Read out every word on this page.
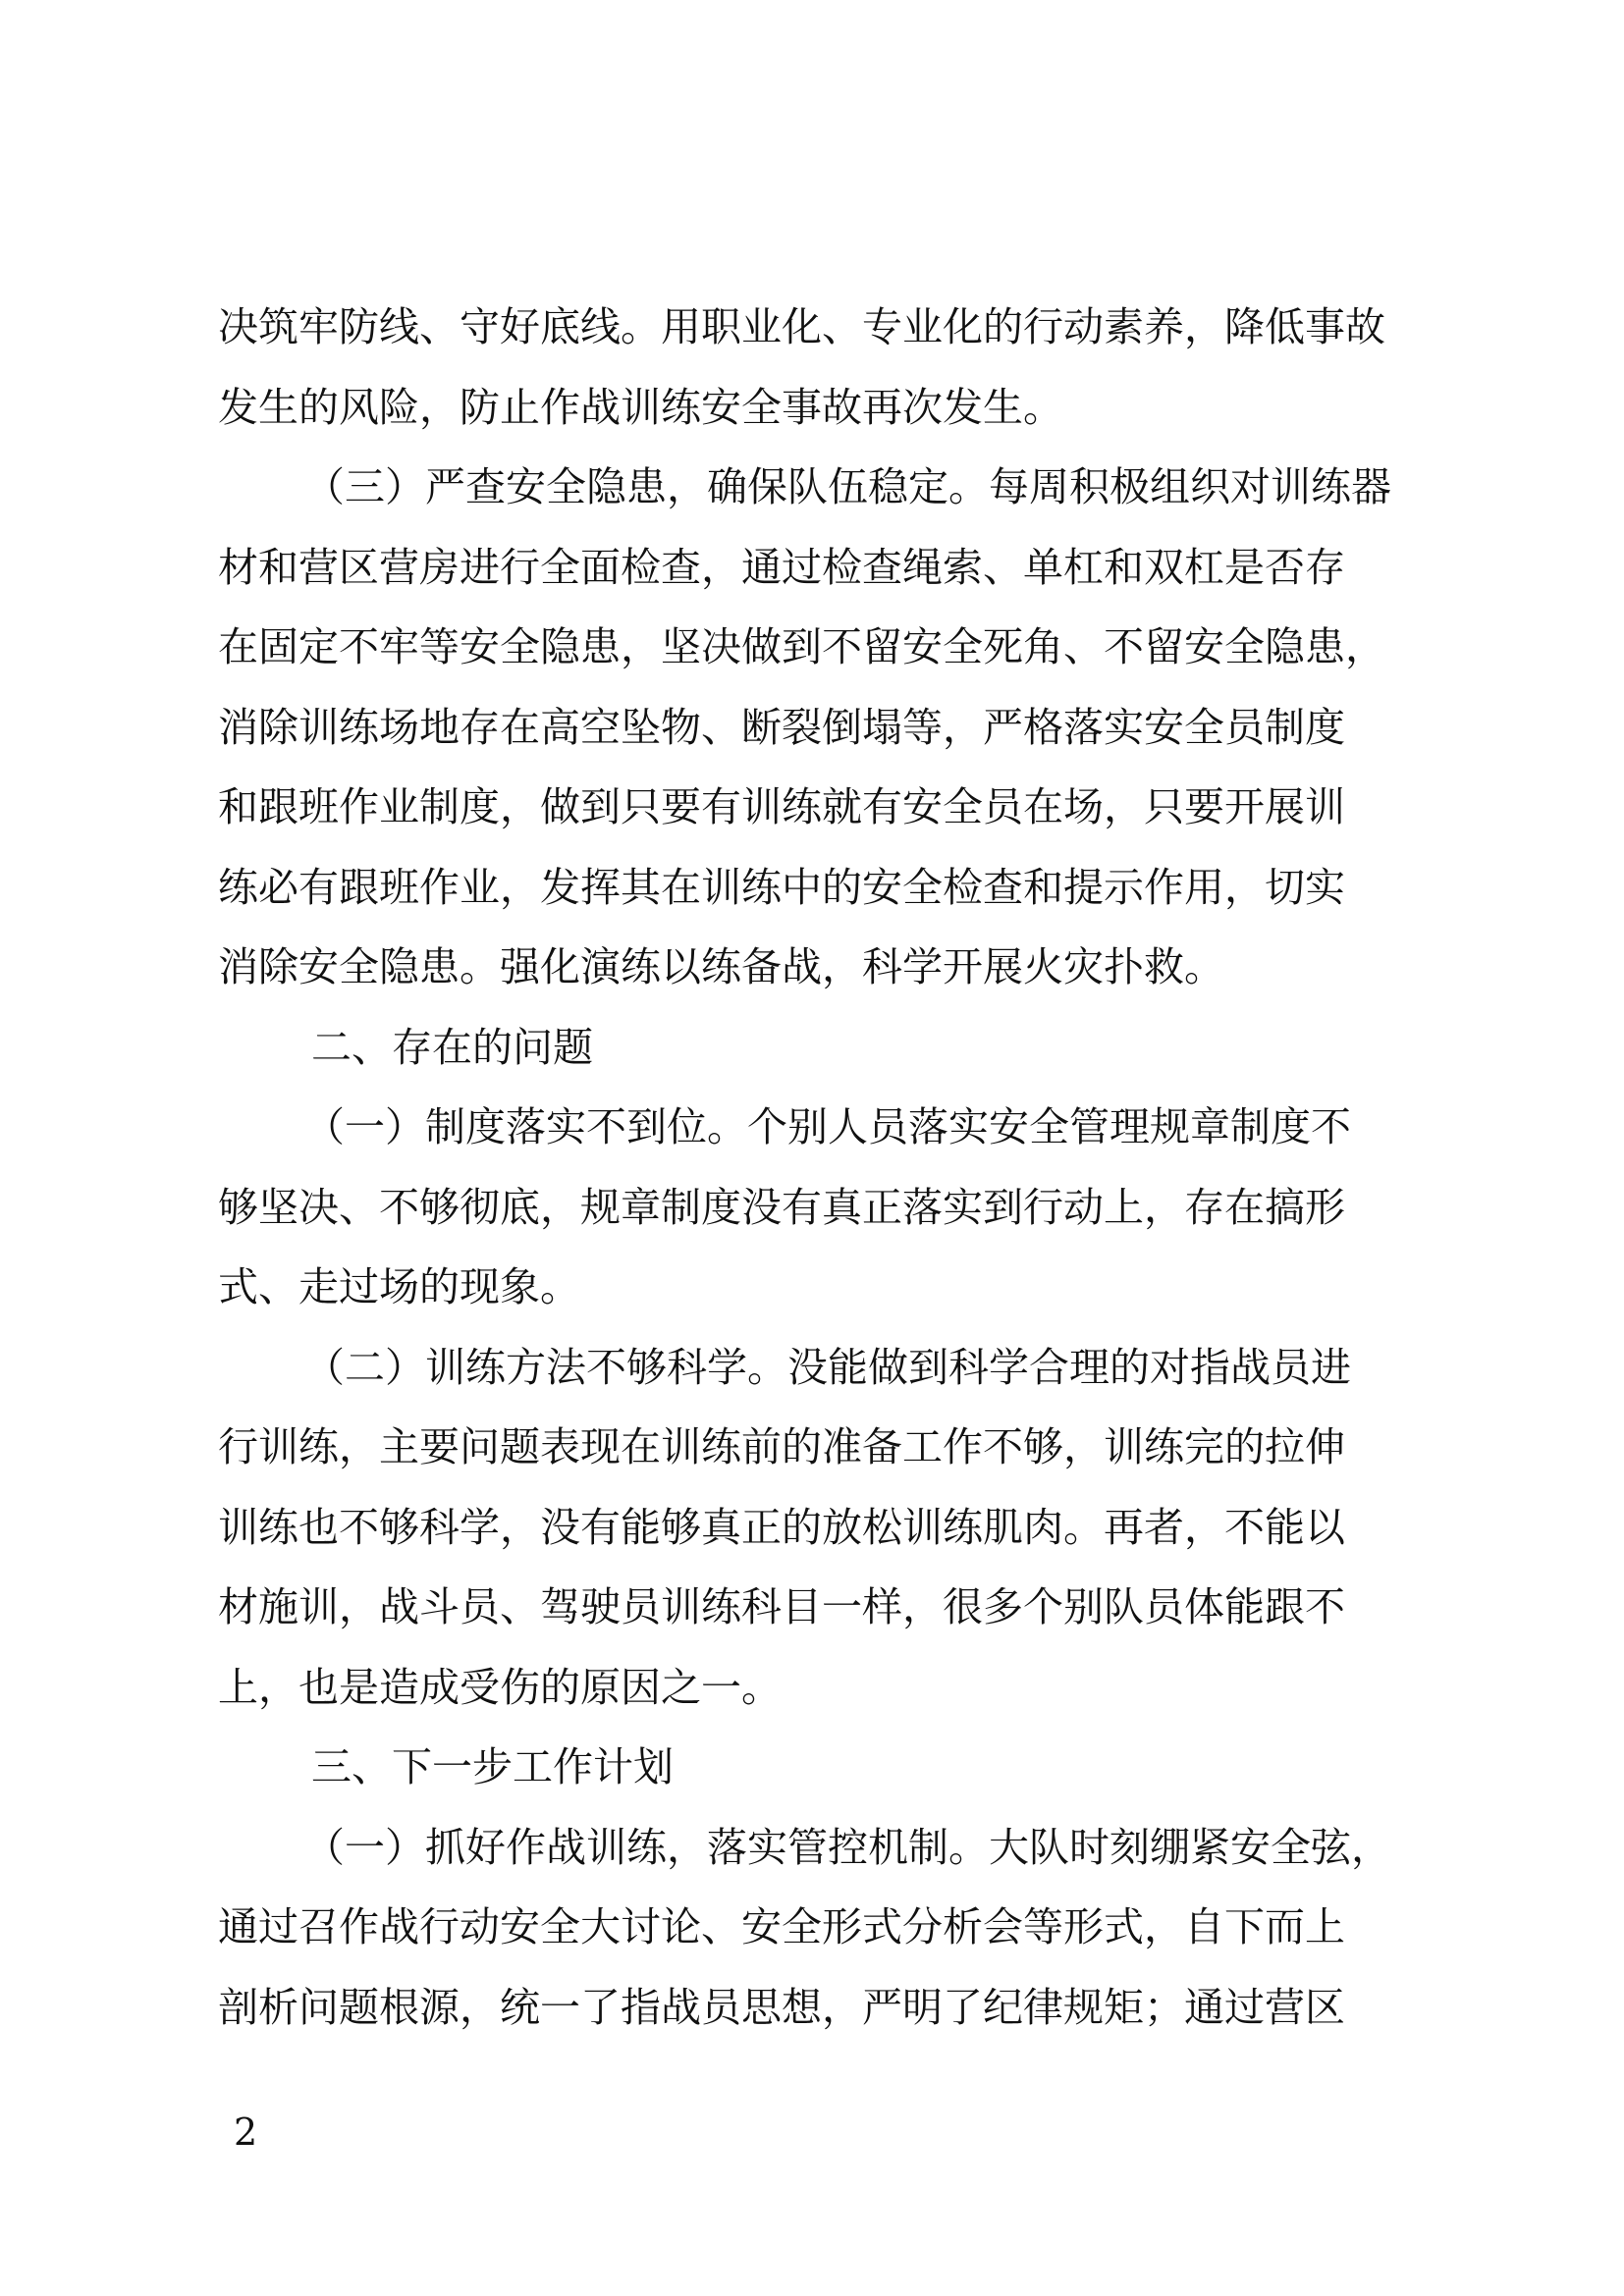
决筑牢防线、守好底线。用职业化、专业化的行动素养，降低事故
发生的风险，防止作战训练安全事故再次发生。
（三）严查安全隐患，确保队伍稳定。每周积极组织对训练器
材和营区营房进行全面检查，通过检查绳索、单杠和双杠是否存
在固定不牢等安全隐患，坚决做到不留安全死角、不留安全隐患，
消除训练场地存在高空坠物、断裂倒塌等，严格落实安全员制度
和跟班作业制度，做到只要有训练就有安全员在场，只要开展训
练必有跟班作业，发挥其在训练中的安全检查和提示作用，切实
消除安全隐患。强化演练以练备战，科学开展火灾扑救。
二、存在的问题
（一）制度落实不到位。个别人员落实安全管理规章制度不
够坚决、不够彻底，规章制度没有真正落实到行动上，存在搞形
式、走过场的现象。
（二）训练方法不够科学。没能做到科学合理的对指战员进
行训练，主要问题表现在训练前的准备工作不够，训练完的拉伸
训练也不够科学，没有能够真正的放松训练肌肉。再者，不能以
材施训，战斗员、驾驶员训练科目一样，很多个别队员体能跟不
上，也是造成受伤的原因之一。
三、下一步工作计划
（一）抓好作战训练，落实管控机制。大队时刻绷紧安全弦，
通过召作战行动安全大讨论、安全形式分析会等形式，自下而上
剖析问题根源，统一了指战员思想，严明了纪律规矩；通过营区
2
